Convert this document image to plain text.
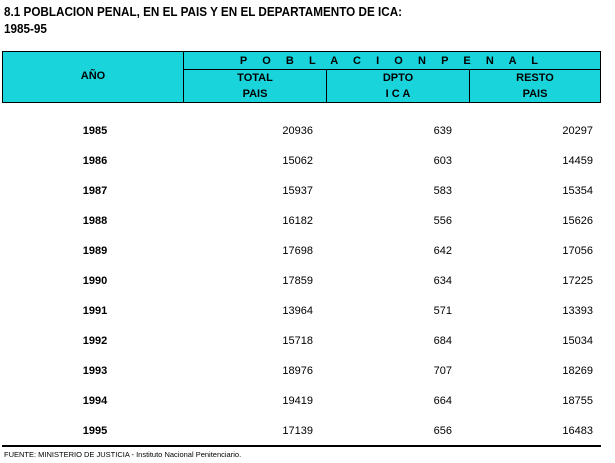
8.1 POBLACION PENAL, EN EL PAIS Y EN EL DEPARTAMENTO DE ICA:
1985-95
AÑO
P O B L A C I O N P E N A L
TOTAL
PAIS
DPTO
I C A
RESTO
PAIS
1985	20936	639	20297
1986	15062	603	14459
1987	15937	583	15354
1988	16182	556	15626
1989	17698	642	17056
1990	17859	634	17225
1991	13964	571	13393
1992	15718	684	15034
1993	18976	707	18269
1994	19419	664	18755
1995	17139	656	16483
FUENTE: MINISTERIO DE JUSTICIA - Instituto Nacional Penitenciario.
